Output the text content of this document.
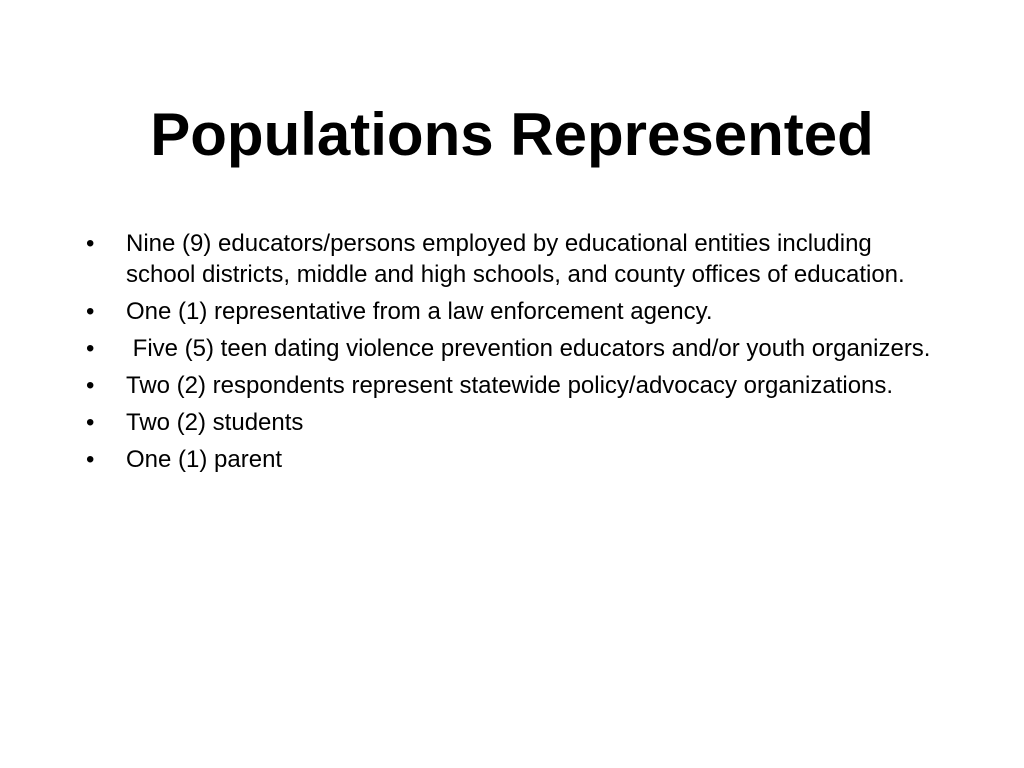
Populations Represented
•	Nine (9) educators/persons employed by educational entities including school districts, middle and high schools, and county offices of education.
•	One (1) representative from a law enforcement agency.
•	Five (5) teen dating violence prevention educators and/or youth organizers.
•	Two (2) respondents represent statewide policy/advocacy organizations.
•	Two (2) students
•	One (1) parent
